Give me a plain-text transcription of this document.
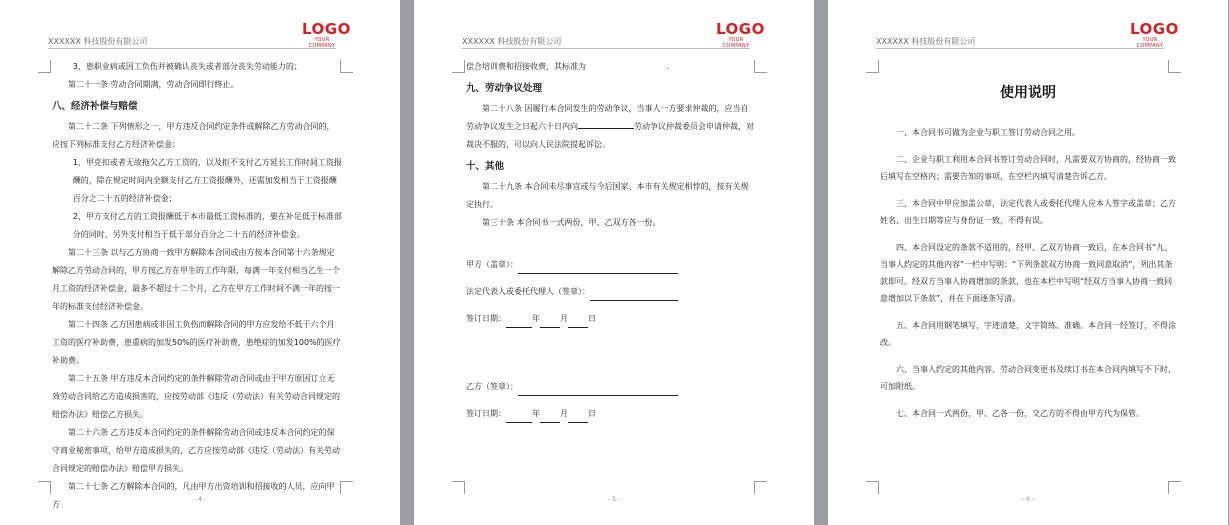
XXXXXX 科技股份有限公司
LOGO
YOUR COMPANY

3、患职业病或因工负伤并被确认丧失或者部分丧失劳动能力的；

第二十一条 劳动合同期满，劳动合同即行终止。

八、经济补偿与赔偿

第二十二条 下列情形之一，甲方违反合同约定条件或解除乙方劳动合同的，应按下列标准支付乙方经济补偿金：

1、甲克扣或者无故拖欠乙方工资的，以及拒不支付乙方延长工作时间工资报酬的，除在规定时间内全额支付乙方工资报酬外，还需加发相当于工资报酬百分之二十五的经济补偿金；

2、甲方支付乙方的工资报酬低于本市最低工资标准的，要在补足低于标准部分的同时，另外支付相当于低于部分百分之二十五的经济补偿金。

第二十三条 以与乙方协商一致甲方解除本合同或由方按本合同第十六条规定解除乙方劳动合同的，甲方按乙方在甲生的工作年限，每满一年支付相当乙生一个月工资的经济补偿金，最多不超过十二个月，乙方在甲方工作时间不满一年的按一年的标准支付经济补偿金。

第二十四条 乙方因患病或非因工负伤而解除合同的甲方应发给不低于六个月工资的医疗补助费，患重病的加发50%的医疗补助费，患绝症的加发100%的医疗补助费。

第二十五条 甲方违反本合同约定的条件解除劳动合同或由于甲方原因订立无效劳动合同给乙方造成损害的，应按劳动部《违反（劳动法）有关劳动合同规定的赔偿办法》赔偿乙方损失。

第二十六条 乙方违反本合同约定的条件解除劳动合同或违反本合同约定的保守商业秘密事项，给甲方造成损失的，乙方应按劳动部《违反（劳动法）有关劳动合同规定的赔偿办法》赔偿甲方损失。

第二十七条 乙方解除本合同的，凡由甲方出资培训和招接收的人员，应向甲方

- 4 -
XXXXXX 科技股份有限公司
LOGO
YOUR COMPANY

偿合培训费和招接收费，其标准为	.

九、劳动争议处理

第二十八条 因履行本合同发生的劳动争议，当事人一方要求仲裁的，应当自劳动争议发生之日起六十日内向	劳动争议仲裁委员会申请仲裁，对裁决不服的，可以向人民法院提起诉讼。

十、其他

第二十九条 本合同未尽事宜或与今后国家、本市有关规定相悖的，按有关规定执行。

第三十条 本合同书一式两份，甲、乙双方各一份。

甲方（盖章）：
法定代表人或委托代理人（签章）：
签订日期：	年	月	日
乙方（签章）：
签订日期：	年	月	日
- 5 -
XXXXXX 科技股份有限公司
LOGO
YOUR COMPANY
使用说明

一、本合同书可做为企业与职工签订劳动合同之用。

二、企业与职工利用本合同书签订劳动合同时，凡需要双方协商的，经协商一致后填写在空格内；需要告知的事项，在空栏内填写清楚告诉乙方。

三、本合同中甲应加盖公章，法定代表人或委托代理人应本人签字或盖章；乙方姓名、出生日期等应与身份证一致，不得有误。

四、本合同设定的条款不适用的，经甲、乙双方协商一致后，在本合同书“九、当事人约定的其他内容”一栏中写明：“下列条款双方协商一致同意取消”，列出其条款即可。经双方当事人协商增加的条款，也在本栏中写明“经双方当事人协商一致同意增加以下条款”，并在下面逐条写清。

五、本合同用钢笔填写，字迹清楚，文字简练、准确。本合同一经签订，不得涂改。

六、当事人约定的其他内容、劳动合同变更书及续订书在本合同内填写不下时，可加附纸。

七、本合同一式两份，甲、乙各一份，交乙方的不得由甲方代为保管。

- 6 -
